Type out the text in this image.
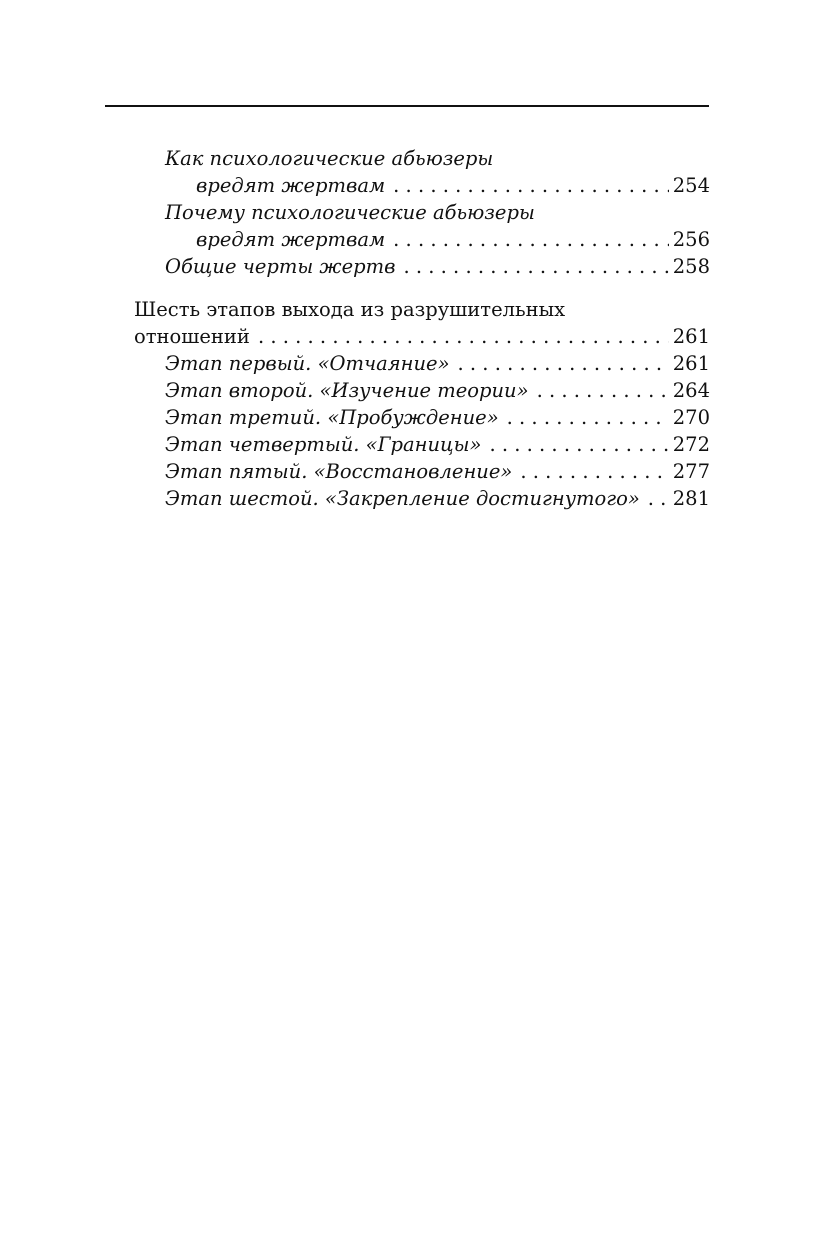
Как психологические абьюзеры
вредят жертвам . . .	254
Почему психологические абьюзеры
вредят жертвам . . .	256
Общие черты жертв . . .	258
Шесть этапов выхода из разрушительных
отношений . . .	261
Этап первый. «Отчаяние» . . .	261
Этап второй. «Изучение теории» . . .	264
Этап третий. «Пробуждение» . . .	270
Этап четвертый. «Границы» . . .	272
Этап пятый. «Восстановление» . . .	277
Этап шестой. «Закрепление достигнутого» . . . 281
